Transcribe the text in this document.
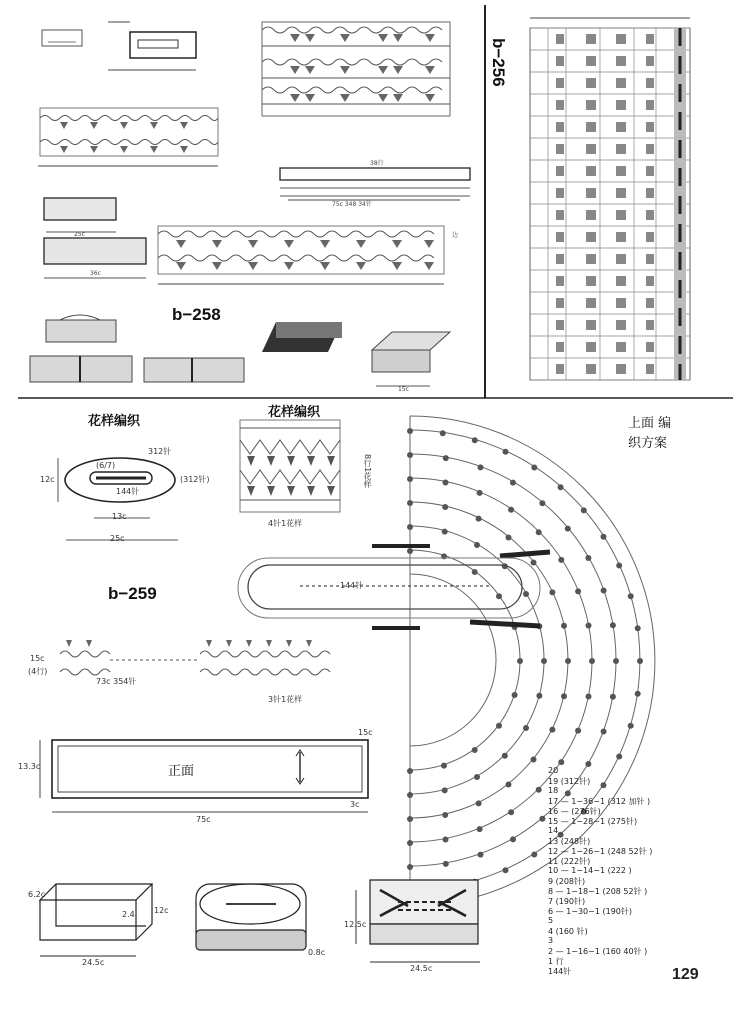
b−256
b−258
b−259
花样编织
花样编织
上面 编
织方案
129
25c
36c
38行
75c 348 34针
边
15c
312针
(312针)
144针
(6/7)
12c
13c
25c
4针1花样
8行1花样
144针
15c
(4行)
73c 354针
3针1花样
正面
13.3c
15c
75c
3c
6.2c
2.4 12c
24.5c
0.8c
12.5c
24.5c
20
19 (312针)
18
17 — 1−36−1 (312 加针 )
16 — (276针)
15 — 1−28−1 (275针)
14
13 (248针)
12 — 1−26−1 (248 52针 )
11 (222针)
10 — 1−14−1 (222 )
9 (208针)
8 — 1−18−1 (208 52针 )
7 (190针)
6 — 1−30−1 (190针)
5
4 (160 针)
3
2 — 1−16−1 (160 40针 )
1 行
144针
